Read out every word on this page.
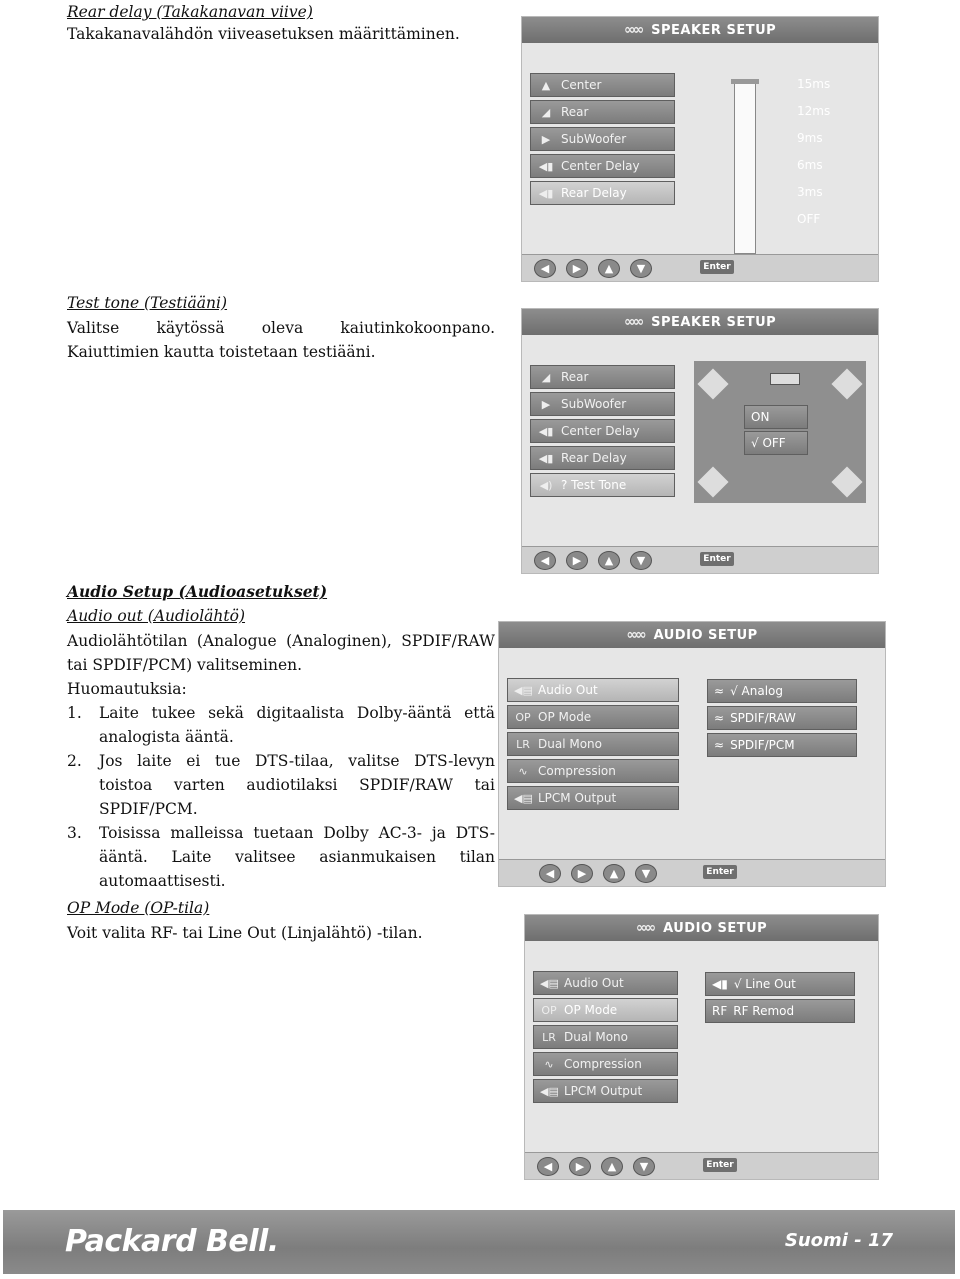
Rear delay (Takakanavan viive)
Takakanavalähdön viiveasetuksen määrittäminen.
Test tone (Testiääni)
Valitse käytössä oleva kaiutinkokoonpano. Kaiuttimien kautta toistetaan testiääni.
Audio Setup (Audioasetukset)
Audio out (Audiolähtö)
Audiolähtötilan (Analogue (Analoginen), SPDIF/RAW tai SPDIF/PCM) valitseminen.
Huomautuksia:
1.	Laite tukee sekä digitaalista Dolby-ääntä että analogista ääntä.
2.	Jos laite ei tue DTS-tilaa, valitse DTS-levyn toistoa varten audiotilaksi SPDIF/RAW tai SPDIF/PCM.
3.	Toisissa malleissa tuetaan Dolby AC-3- ja DTS-ääntä. Laite valitsee asianmukaisen tilan automaattisesti.
OP Mode (OP-tila)
Voit valita RF- tai Line Out (Linjalähtö) -tilan.
∞∞ SPEAKER SETUP
▲ Center
◢ Rear
▶ SubWoofer
◀▮ Center Delay
◀▮ Rear Delay
15ms
12ms
9ms
6ms
3ms
OFF
◀	▶	▲	▼	Enter
∞∞ SPEAKER SETUP
◢ Rear
▶ SubWoofer
◀▮ Center Delay
◀▮ Rear Delay
◀) ? Test Tone
ON
√ OFF
◀	▶	▲	▼	Enter
∞∞ AUDIO SETUP
◀▤ Audio Out
OP OP Mode
LR Dual Mono
∿ Compression
◀▤ LPCM Output
≈ √ Analog
≈ SPDIF/RAW
≈ SPDIF/PCM
◀	▶	▲	▼	Enter
∞∞ AUDIO SETUP
◀▤ Audio Out
OP OP Mode
LR Dual Mono
∿ Compression
◀▤ LPCM Output
◀▮ √ Line Out
RF RF Remod
◀	▶	▲	▼	Enter
Packard Bell.	Suomi - 17
